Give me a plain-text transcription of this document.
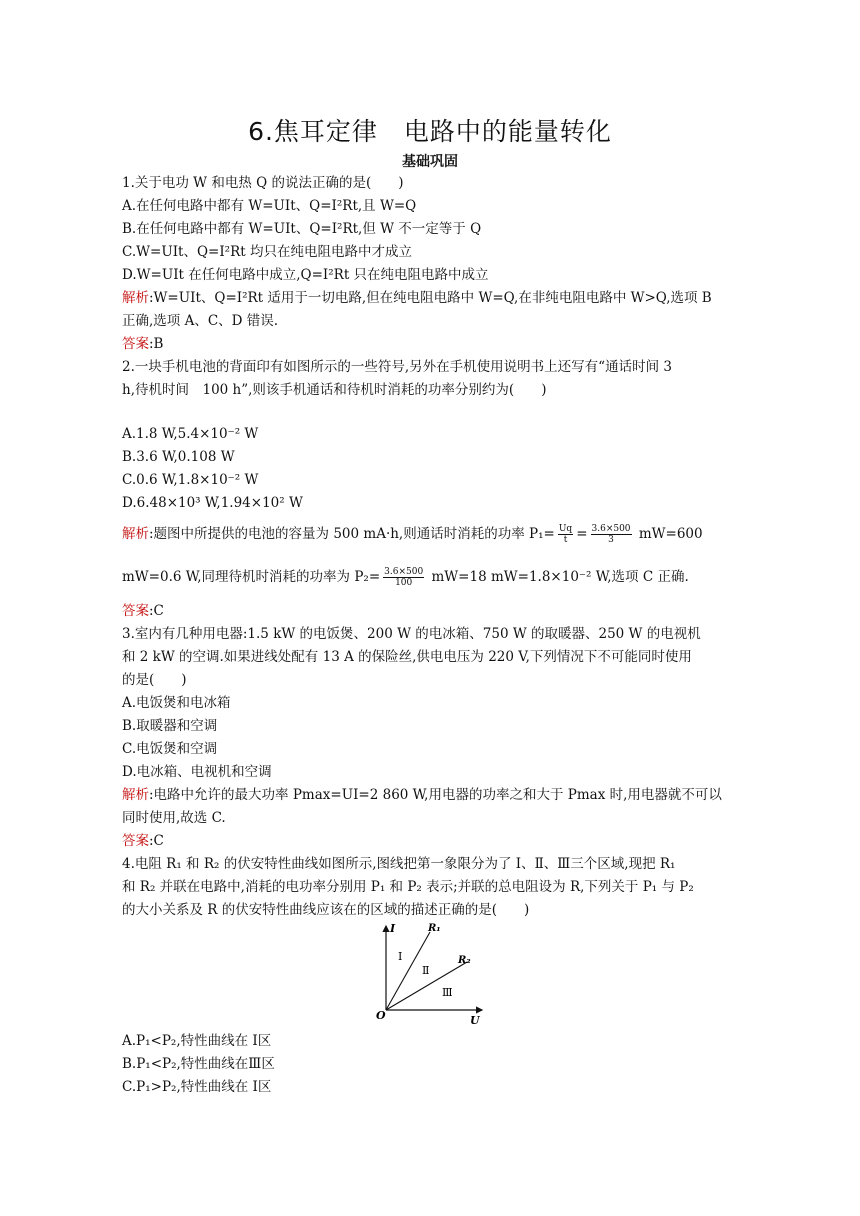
6.焦耳定律　电路中的能量转化
基础巩固
1.关于电功 W 和电热 Q 的说法正确的是(　　)
A.在任何电路中都有 W=UIt、Q=I²Rt,且 W=Q
B.在任何电路中都有 W=UIt、Q=I²Rt,但 W 不一定等于 Q
C.W=UIt、Q=I²Rt 均只在纯电阻电路中才成立
D.W=UIt 在任何电路中成立,Q=I²Rt 只在纯电阻电路中成立
解析:W=UIt、Q=I²Rt 适用于一切电路,但在纯电阻电路中 W=Q,在非纯电阻电路中 W>Q,选项 B
正确,选项 A、C、D 错误.
答案:B
2.一块手机电池的背面印有如图所示的一些符号,另外在手机使用说明书上还写有“通话时间 3
h,待机时间　100 h”,则该手机通话和待机时消耗的功率分别约为(　　)
A.1.8 W,5.4×10⁻² W
B.3.6 W,0.108 W
C.0.6 W,1.8×10⁻² W
D.6.48×10³ W,1.94×10² W
解析:题图中所提供的电池的容量为 500 mA·h,则通话时消耗的功率 $P_1= \frac{Uq}{t} = \frac{3.6\times 500}{3} mW=600$
mW=0.6 W,同理待机时消耗的功率为 $P_2= \frac{3.6\times 500}{100} mW=18$ mW=1.8×10⁻² W,选项 C 正确.
答案:C
3.室内有几种用电器:1.5 kW 的电饭煲、200 W 的电冰箱、750 W 的取暖器、250 W 的电视机
和 2 kW 的空调.如果进线处配有 13 A 的保险丝,供电电压为 220 V,下列情况下不可能同时使用
的是(　　)
A.电饭煲和电冰箱
B.取暖器和空调
C.电饭煲和空调
D.电冰箱、电视机和空调
解析:电路中允许的最大功率 Pmax=UI=2 860 W,用电器的功率之和大于 Pmax 时,用电器就不可以
同时使用,故选 C.
答案:C
4.电阻 R₁ 和 R₂ 的伏安特性曲线如图所示,图线把第一象限分为了 Ⅰ、Ⅱ、Ⅲ三个区域,现把 R₁
和 R₂ 并联在电路中,消耗的电功率分别用 P₁ 和 P₂ 表示;并联的总电阻设为 R,下列关于 P₁ 与 P₂
的大小关系及 R 的伏安特性曲线应该在的区域的描述正确的是(　　)
I
U
O
R₁
R₂
Ⅰ
Ⅱ
Ⅲ
A.P₁<P₂,特性曲线在 Ⅰ区
B.P₁<P₂,特性曲线在Ⅲ区
C.P₁>P₂,特性曲线在 Ⅰ区
